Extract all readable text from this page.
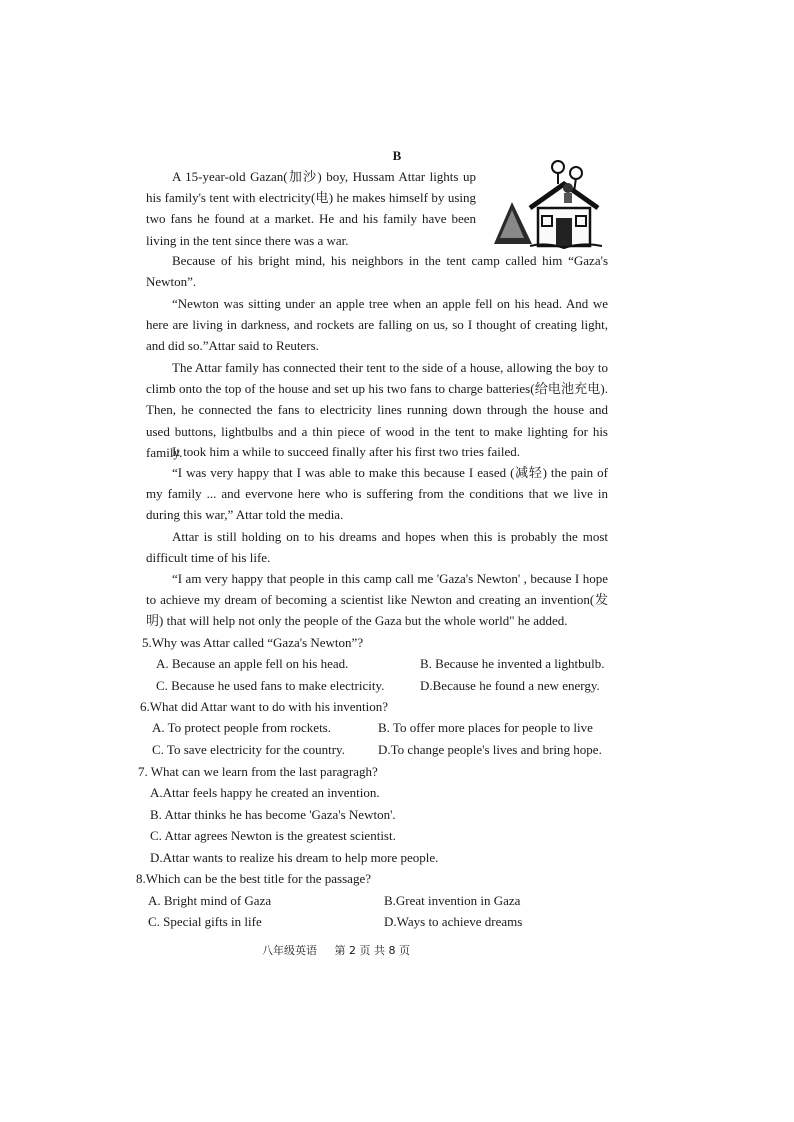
B

A 15-year-old Gazan(加沙) boy, Hussam Attar lights up his family's tent with electricity(电) he makes himself by using two fans he found at a market. He and his family have been living in the tent since there was a war.

Because of his bright mind, his neighbors in the tent camp called him “Gaza's Newton”.

“Newton was sitting under an apple tree when an apple fell on his head. And we here are living in darkness, and rockets are falling on us, so I thought of creating light, and did so.”Attar said to Reuters.

The Attar family has connected their tent to the side of a house, allowing the boy to climb onto the top of the house and set up his two fans to charge batteries(给电池充电). Then, he connected the fans to electricity lines running down through the house and used buttons, lightbulbs and a thin piece of wood in the tent to make lighting for his family.

It took him a while to succeed finally after his first two tries failed.

“I was very happy that I was able to make this because I eased (减轻) the pain of my family ... and evervone here who is suffering from the conditions that we live in during this war,” Attar told the media.

Attar is still holding on to his dreams and hopes when this is probably the most difficult time of his life.

“I am very happy that people in this camp call me 'Gaza's Newton' , because I hope to achieve my dream of becoming a scientist like Newton and creating an invention(发明) that will help not only the people of the Gaza but the whole world" he added.

5.Why was Attar called “Gaza's Newton”?
A. Because an apple fell on his head.	B. Because he invented a lightbulb.
C. Because he used fans to make electricity.	D.Because he found a new energy.
6.What did Attar want to do with his invention?
A. To protect people from rockets.	B. To offer more places for people to live
C. To save electricity for the country.	D.To change people's lives and bring hope.
7. What can we learn from the last paragragh?
A.Attar feels happy he created an invention.
B. Attar thinks he has become 'Gaza's Newton'.
C. Attar agrees Newton is the greatest scientist.
D.Attar wants to realize his dream to help more people.
8.Which can be the best title for the passage?
A. Bright mind of Gaza	B.Great invention in Gaza
C. Special gifts in life	D.Ways to achieve dreams
八年级英语 第 2 页 共 8 页
